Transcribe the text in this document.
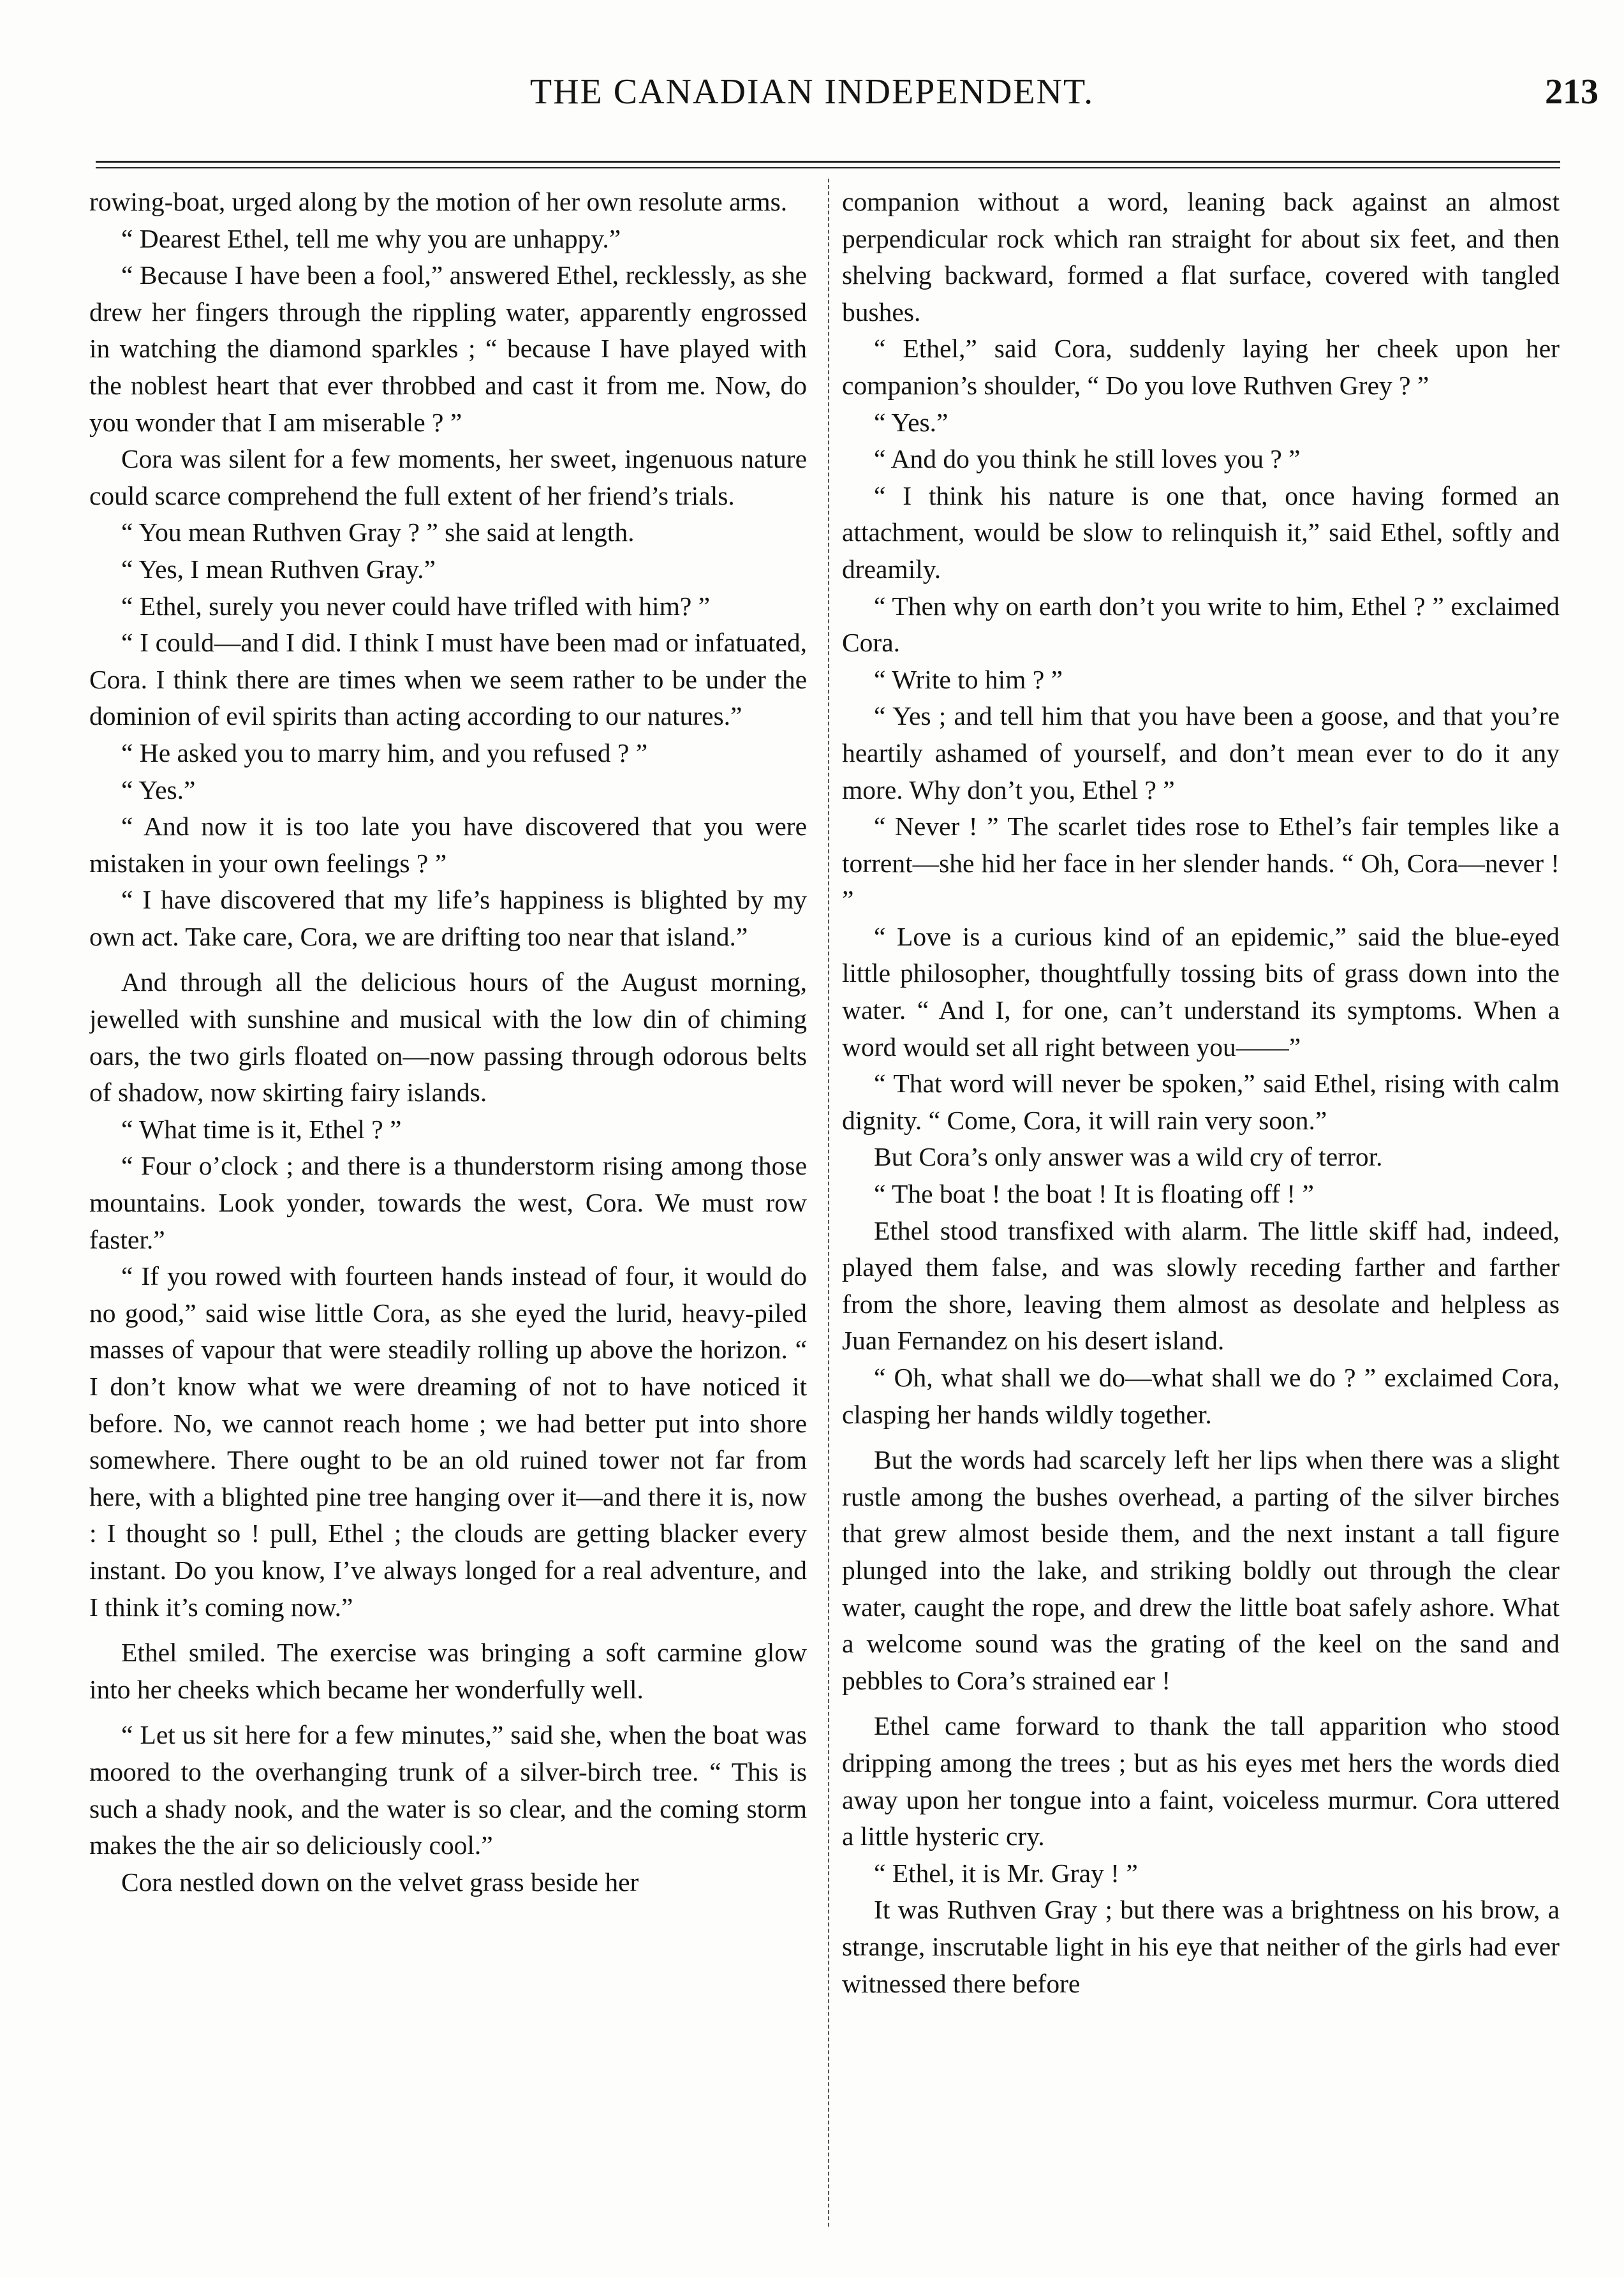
THE CANADIAN INDEPENDENT.	213

rowing-boat, urged along by the motion of her own resolute arms.

“ Dearest Ethel, tell me why you are unhappy.”

“ Because I have been a fool,” answered Ethel, recklessly, as she drew her fingers through the rippling water, apparently engrossed in watching the diamond sparkles ; “ because I have played with the noblest heart that ever throbbed and cast it from me. Now, do you wonder that I am miserable ? ”

Cora was silent for a few moments, her sweet, ingenuous nature could scarce comprehend the full extent of her friend’s trials.

“ You mean Ruthven Gray ? ” she said at length.

“ Yes, I mean Ruthven Gray.”

“ Ethel, surely you never could have trifled with him? ”

“ I could—and I did. I think I must have been mad or infatuated, Cora. I think there are times when we seem rather to be under the dominion of evil spirits than acting according to our natures.”

“ He asked you to marry him, and you refused ? ”

“ Yes.”

“ And now it is too late you have discovered that you were mistaken in your own feelings ? ”

“ I have discovered that my life’s happiness is blighted by my own act. Take care, Cora, we are drifting too near that island.”

And through all the delicious hours of the August morning, jewelled with sunshine and musical with the low din of chiming oars, the two girls floated on—now passing through odorous belts of shadow, now skirting fairy islands.

“ What time is it, Ethel ? ”

“ Four o’clock ; and there is a thunderstorm rising among those mountains. Look yonder, towards the west, Cora. We must row faster.”

“ If you rowed with fourteen hands instead of four, it would do no good,” said wise little Cora, as she eyed the lurid, heavy-piled masses of vapour that were steadily rolling up above the horizon. “ I don’t know what we were dreaming of not to have noticed it before. No, we cannot reach home ; we had better put into shore somewhere. There ought to be an old ruined tower not far from here, with a blighted pine tree hanging over it—and there it is, now : I thought so ! pull, Ethel ; the clouds are getting blacker every instant. Do you know, I’ve always longed for a real adventure, and I think it’s coming now.”

Ethel smiled. The exercise was bringing a soft carmine glow into her cheeks which became her wonderfully well.

“ Let us sit here for a few minutes,” said she, when the boat was moored to the overhanging trunk of a silver-birch tree. “ This is such a shady nook, and the water is so clear, and the coming storm makes the the air so deliciously cool.”

Cora nestled down on the velvet grass beside her

companion without a word, leaning back against an almost perpendicular rock which ran straight for about six feet, and then shelving backward, formed a flat surface, covered with tangled bushes.

“ Ethel,” said Cora, suddenly laying her cheek upon her companion’s shoulder, “ Do you love Ruthven Grey ? ”

“ Yes.”

“ And do you think he still loves you ? ”

“ I think his nature is one that, once having formed an attachment, would be slow to relinquish it,” said Ethel, softly and dreamily.

“ Then why on earth don’t you write to him, Ethel ? ” exclaimed Cora.

“ Write to him ? ”

“ Yes ; and tell him that you have been a goose, and that you’re heartily ashamed of yourself, and don’t mean ever to do it any more. Why don’t you, Ethel ? ”

“ Never ! ” The scarlet tides rose to Ethel’s fair temples like a torrent—she hid her face in her slender hands. “ Oh, Cora—never ! ”

“ Love is a curious kind of an epidemic,” said the blue-eyed little philosopher, thoughtfully tossing bits of grass down into the water. “ And I, for one, can’t understand its symptoms. When a word would set all right between you——”

“ That word will never be spoken,” said Ethel, rising with calm dignity. “ Come, Cora, it will rain very soon.”

But Cora’s only answer was a wild cry of terror.

“ The boat ! the boat ! It is floating off ! ”

Ethel stood transfixed with alarm. The little skiff had, indeed, played them false, and was slowly receding farther and farther from the shore, leaving them almost as desolate and helpless as Juan Fernandez on his desert island.

“ Oh, what shall we do—what shall we do ? ” exclaimed Cora, clasping her hands wildly together.

But the words had scarcely left her lips when there was a slight rustle among the bushes overhead, a parting of the silver birches that grew almost beside them, and the next instant a tall figure plunged into the lake, and striking boldly out through the clear water, caught the rope, and drew the little boat safely ashore. What a welcome sound was the grating of the keel on the sand and pebbles to Cora’s strained ear !

Ethel came forward to thank the tall apparition who stood dripping among the trees ; but as his eyes met hers the words died away upon her tongue into a faint, voiceless murmur. Cora uttered a little hysteric cry.

“ Ethel, it is Mr. Gray ! ”

It was Ruthven Gray ; but there was a brightness on his brow, a strange, inscrutable light in his eye that neither of the girls had ever witnessed there before
